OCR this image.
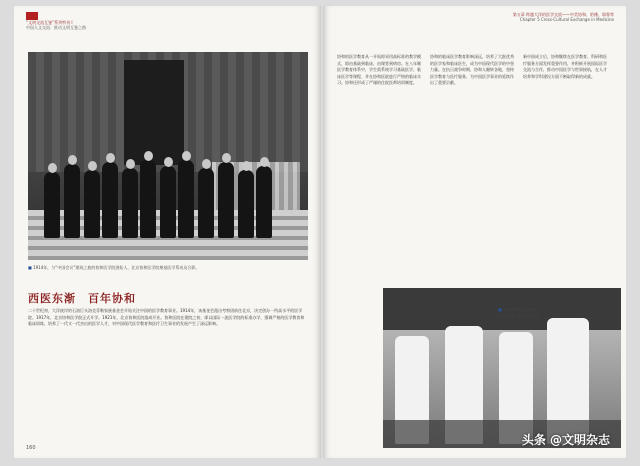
“文明交流互鉴”系列特刊 I
中国人文交流：推动文明互鉴之路
■ 1914年，与“中国会议”建筑之旅的协和医学院创始人，北京协和医学院奠基医学系成员合影。
西医东渐　百年协和
二十世纪初，大洋彼岸的石油巨头洛克菲勒家族基金会开始关注中国的医学教育事业。1914年，该基金会派出考察团前往北京，决定创办一所高水平的医学院。1917年，北京协和医学院正式开学。1921年，北京协和医院落成开业。协和医院在建院之初，即以国际一流医学院的标准办学，强调严格的医学教育和临床训练，培养了一代又一代杰出的医学人才，对中国现代医学教育和医疗卫生事业的发展产生了深远影响。
160
第五章 跨越大洋的医学交流——中美协和、哈佛、耶鲁等
Chapter 5 Cross-Cultural Exchange in Medicine
协和的医学教育从一开始即采用高标准的教学模式，即由基础到临床，由课堂到病房。在八年制医学教育体系中，学生需系统学习基础医学、临床医学等课程，并在协和医院进行严格的临床实习。协和还形成了严谨的住院医师培训制度。
协和的临床医学教育影响深远，培养了大批优秀的医学家和临床医生，成为中国现代医学的中坚力量。在抗日战争时期，协和人辗转各地，坚持医学教育与医疗服务，为中国医学事业的延续作出了重要贡献。
新中国成立后，协和继续在医学教育、科研和医疗服务方面发挥重要作用，并积极开展国际医学交流与合作，推动中国医学与世界接轨，在人才培养和学科建设方面不断取得新的成就。
■ 张孝骞教授（前排左一）与医务人员一起分析病例
头条 @文明杂志
